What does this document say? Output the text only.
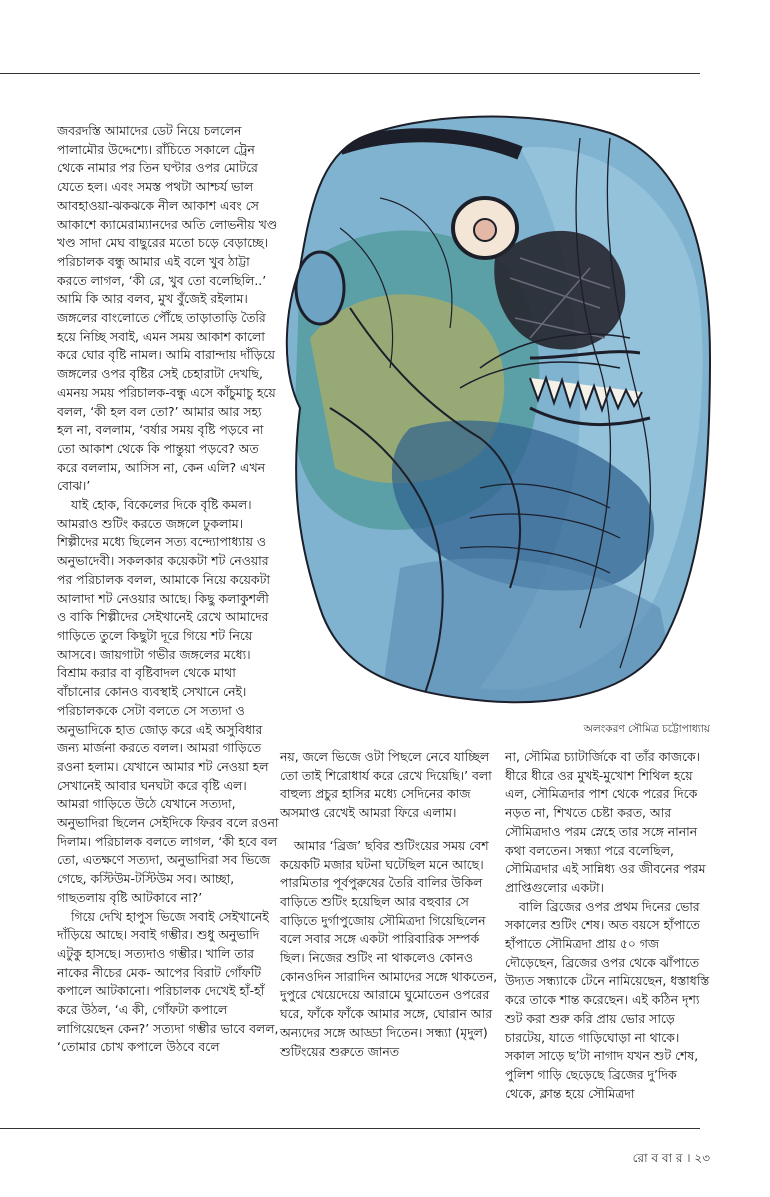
জবরদস্তি আমাদের ডেট নিয়ে চললেন পালামৌর উদ্দেশ্যে। রাঁচিতে সকালে ট্রেন থেকে নামার পর তিন ঘণ্টার ওপর মোটরে যেতে হল। এবং সমস্ত পথটা আশ্চর্য ভাল আবহাওয়া-ঝকঝকে নীল আকাশ এবং সে আকাশে ক্যামেরাম্যানদের অতি লোভনীয় খণ্ড খণ্ড সাদা মেঘ বাছুরের মতো চড়ে বেড়াচ্ছে। পরিচালক বন্ধু আমার এই বলে খুব ঠাট্টা করতে লাগল, ‘কী রে, খুব তো বলেছিলি..’ আমি কি আর বলব, মুখ বুঁজেই রইলাম। জঙ্গলের বাংলোতে পৌঁছে তাড়াতাড়ি তৈরি হয়ে নিচ্ছি সবাই, এমন সময় আকাশ কালো করে ঘোর বৃষ্টি নামল। আমি বারান্দায় দাঁড়িয়ে জঙ্গলের ওপর বৃষ্টির সেই চেহারাটা দেখছি, এমনয় সময় পরিচালক-বন্ধু এসে কাঁচুমাচু হয়ে বলল, ‘কী হল বল তো?’ আমার আর সহ্য হল না, বললাম, ‘বর্ষার সময় বৃষ্টি পড়বে না তো আকাশ থেকে কি পান্তুয়া পড়বে? অত করে বললাম, আসিস না, কেন এলি? এখন বোঝ।’

যাই হোক, বিকেলের দিকে বৃষ্টি কমল। আমরাও শুটিং করতে জঙ্গলে ঢুকলাম। শিল্পীদের মধ্যে ছিলেন সত্য বন্দ্যোপাধ্যায় ও অনুভাদেবী। সকলকার কয়েকটা শট নেওয়ার পর পরিচালক বলল, আমাকে নিয়ে কয়েকটা আলাদা শট নেওয়ার আছে। কিছু কলাকুশলী ও বাকি শিল্পীদের সেইখানেই রেখে আমাদের গাড়িতে তুলে কিছুটা দূরে গিয়ে শট নিয়ে আসবে। জায়গাটা গভীর জঙ্গলের মধ্যে। বিশ্রাম করার বা বৃষ্টিবাদল থেকে মাথা বাঁচানোর কোনও ব্যবস্থাই সেখানে নেই। পরিচালককে সেটা বলতে সে সত্যদা ও অনুভাদিকে হাত জোড় করে এই অসুবিধার জন্য মার্জনা করতে বলল। আমরা গাড়িতে রওনা হলাম। যেখানে আমার শট নেওয়া হল সেখানেই আবার ঘনঘটা করে বৃষ্টি এল। আমরা গাড়িতে উঠে যেখানে সত্যদা, অনুভাদিরা ছিলেন সেইদিকে ফিরব বলে রওনা দিলাম। পরিচালক বলতে লাগল, ‘কী হবে বল তো, এতক্ষণে সত্যদা, অনুভাদিরা সব ভিজে গেছে, কস্টিউম-টস্টিউম সব। আচ্ছা, গাছতলায় বৃষ্টি আটকাবে না?’

গিয়ে দেখি হাপুস ভিজে সবাই সেইখানেই দাঁড়িয়ে আছে। সবাই গম্ভীর। শুধু অনুভাদি এটুকু হাসছে। সত্যদাও গম্ভীর। খালি তার নাকের নীচের মেক- আপের বিরাট গোঁফটি কপালে আটকানো। পরিচালক দেখেই হাঁ-হাঁ করে উঠল, ‘এ কী, গোঁফটা কপালে লাগিয়েছেন কেন?’ সত্যদা গম্ভীর ভাবে বলল, ‘তোমার চোখ কপালে উঠবে বলে

অলংকরণ সৌমিত্র চট্টোপাধ্যায়

নয়, জলে ভিজে ওটা পিছলে নেবে যাচ্ছিল তো তাই শিরোধার্য করে রেখে দিয়েছি।’ বলা বাহুল্য প্রচুর হাসির মধ্যে সেদিনের কাজ অসমাপ্ত রেখেই আমরা ফিরে এলাম।

আমার ‘ব্রিজ’ ছবির শুটিংয়ের সময় বেশ কয়েকটি মজার ঘটনা ঘটেছিল মনে আছে। পারমিতার পূর্বপুরুষের তৈরি বালির উকিল বাড়িতে শুটিং হয়েছিল আর বহুবার সে বাড়িতে দুর্গাপুজোয় সৌমিত্রদা গিয়েছিলেন বলে সবার সঙ্গে একটা পারিবারিক সম্পর্ক ছিল। নিজের শুটিং না থাকলেও কোনও কোনওদিন সারাদিন আমাদের সঙ্গে থাকতেন, দুপুরে খেয়েদেয়ে আরামে ঘুমোতেন ওপরের ঘরে, ফাঁকে ফাঁকে আমার সঙ্গে, ঘোরান আর অন্যদের সঙ্গে আড্ডা দিতেন। সন্ধ্যা (মৃদুল) শুটিংয়ের শুরুতে জানত

না, সৌমিত্র চ্যাটার্জিকে বা তাঁর কাজকে। ধীরে ধীরে ওর মুখই-মুখোশ শিথিল হয়ে এল, সৌমিত্রদার পাশ থেকে পরের দিকে নড়ত না, শিখতে চেষ্টা করত, আর সৌমিত্রদাও পরম স্নেহে তার সঙ্গে নানান কথা বলতেন। সন্ধ্যা পরে বলেছিল, সৌমিত্রদার এই সান্নিধ্য ওর জীবনের পরম প্রাপ্তিগুলোর একটা।

বালি ব্রিজের ওপর প্রথম দিনের ভোর সকালের শুটিং শেষ। অত বয়সে হাঁপাতে হাঁপাতে সৌমিত্রদা প্রায় ৫০ গজ দৌড়েছেন, ব্রিজের ওপর থেকে ঝাঁপাতে উদ্যত সন্ধ্যাকে টেনে নামিয়েছেন, ধস্তাধস্তি করে তাকে শান্ত করেছেন। এই কঠিন দৃশ্য শুট করা শুরু করি প্রায় ভোর সাড়ে চারটেয়, যাতে গাড়িঘোড়া না থাকে। সকাল সাড়ে ছ’টা নাগাদ যখন শুট শেষ, পুলিশ গাড়ি ছেড়েছে ব্রিজের দু’দিক থেকে, ক্লান্ত হয়ে সৌমিত্রদা

রো ব বা র । ২৩
